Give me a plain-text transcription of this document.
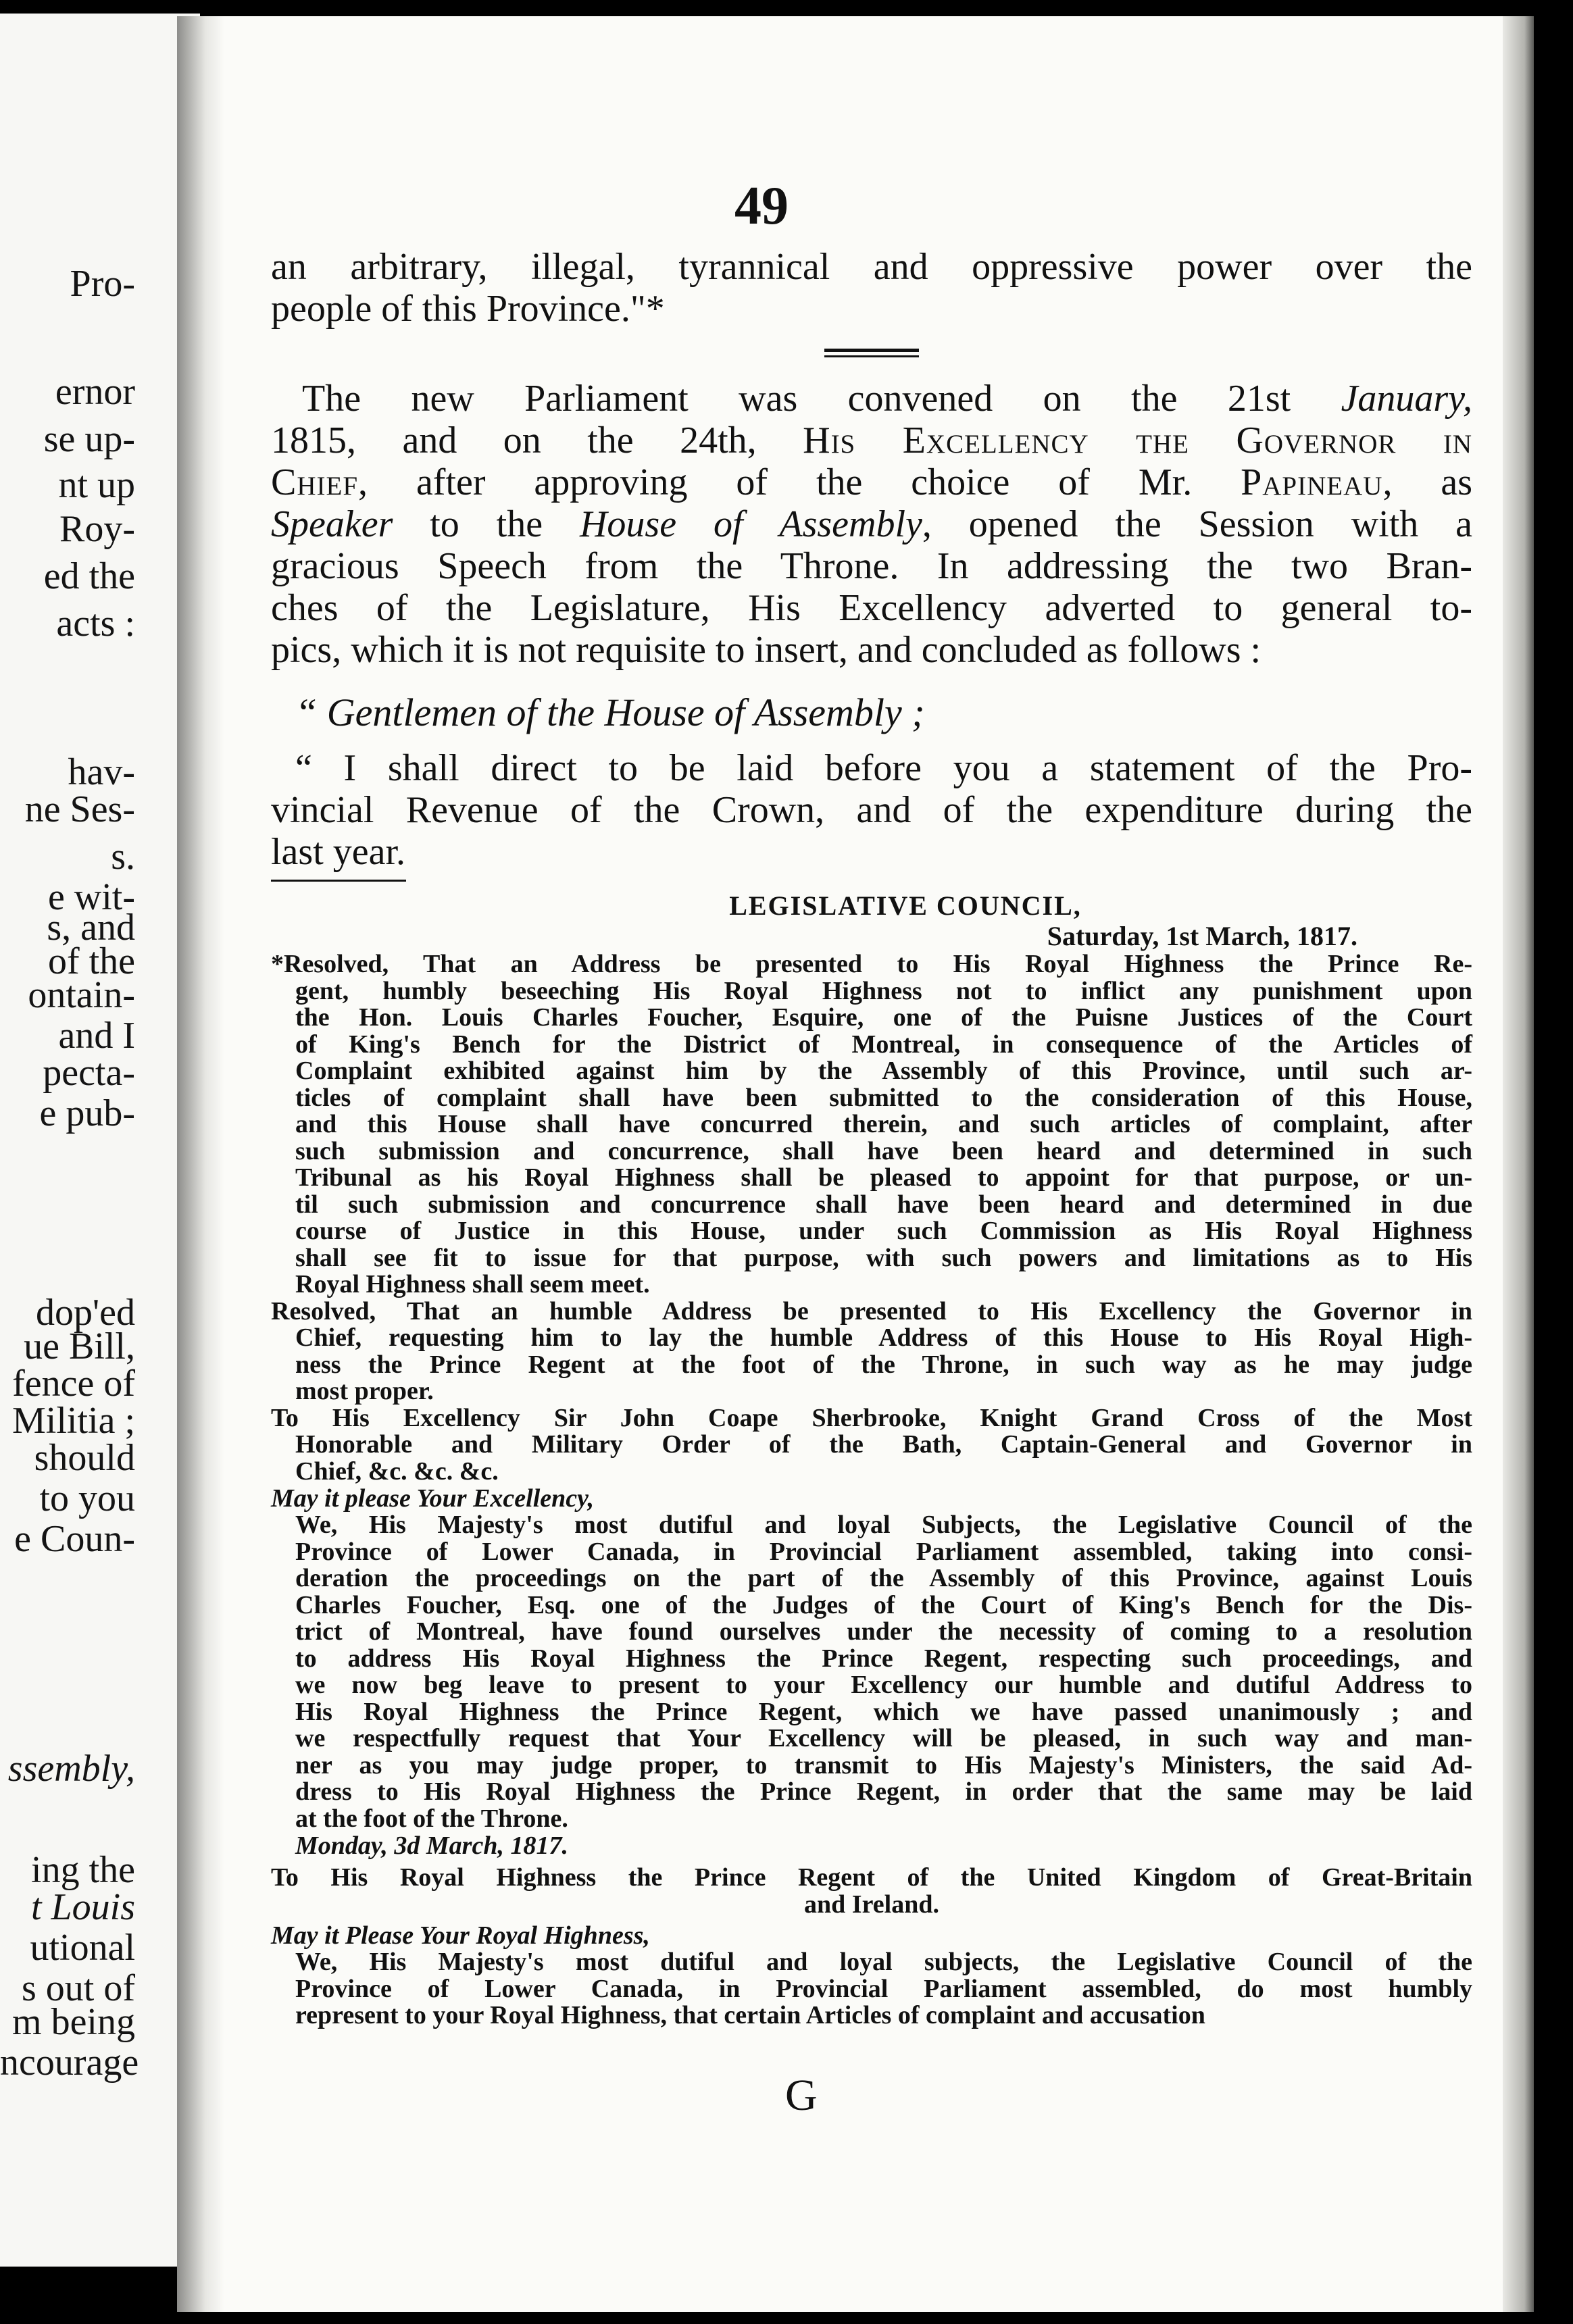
Pro-
ernor
se up-
nt up
Roy-
ed the
acts :
hav-
ne Ses-
s.
e wit-
s, and
of the
ontain-
and I
pecta-
e pub-
dop'ed
ue Bill,
fence of
Militia ;
should
to you
e Coun-
ssembly,
ing the
t Louis
utional
s out of
m being
ncourage
49

an arbitrary, illegal, tyrannical and oppressive power over the
people of this Province."*

The new Parliament was convened on the 21st January,
1815, and on the 24th, His Excellency the Governor in
Chief, after approving of the choice of Mr. Papineau, as
Speaker to the House of Assembly, opened the Session with a
gracious Speech from the Throne. In addressing the two Bran-
ches of the Legislature, His Excellency adverted to general to-
pics, which it is not requisite to insert, and concluded as follows :

“ Gentlemen of the House of Assembly ;

“ I shall direct to be laid before you a statement of the Pro-
vincial Revenue of the Crown, and of the expenditure during the
last year.

LEGISLATIVE COUNCIL,
Saturday, 1st March, 1817.
*Resolved, That an Address be presented to His Royal Highness the Prince Re-
gent, humbly beseeching His Royal Highness not to inflict any punishment upon
the Hon. Louis Charles Foucher, Esquire, one of the Puisne Justices of the Court
of King's Bench for the District of Montreal, in consequence of the Articles of
Complaint exhibited against him by the Assembly of this Province, until such ar-
ticles of complaint shall have been submitted to the consideration of this House,
and this House shall have concurred therein, and such articles of complaint, after
such submission and concurrence, shall have been heard and determined in such
Tribunal as his Royal Highness shall be pleased to appoint for that purpose, or un-
til such submission and concurrence shall have been heard and determined in due
course of Justice in this House, under such Commission as His Royal Highness
shall see fit to issue for that purpose, with such powers and limitations as to His
Royal Highness shall seem meet.
Resolved, That an humble Address be presented to His Excellency the Governor in
Chief, requesting him to lay the humble Address of this House to His Royal High-
ness the Prince Regent at the foot of the Throne, in such way as he may judge
most proper.
To His Excellency Sir John Coape Sherbrooke, Knight Grand Cross of the Most
Honorable and Military Order of the Bath, Captain-General and Governor in
Chief, &c. &c. &c.
May it please Your Excellency,
We, His Majesty's most dutiful and loyal Subjects, the Legislative Council of the
Province of Lower Canada, in Provincial Parliament assembled, taking into consi-
deration the proceedings on the part of the Assembly of this Province, against Louis
Charles Foucher, Esq. one of the Judges of the Court of King's Bench for the Dis-
trict of Montreal, have found ourselves under the necessity of coming to a resolution
to address His Royal Highness the Prince Regent, respecting such proceedings, and
we now beg leave to present to your Excellency our humble and dutiful Address to
His Royal Highness the Prince Regent, which we have passed unanimously ; and
we respectfully request that Your Excellency will be pleased, in such way and man-
ner as you may judge proper, to transmit to His Majesty's Ministers, the said Ad-
dress to His Royal Highness the Prince Regent, in order that the same may be laid
at the foot of the Throne.
Monday, 3d March, 1817.
To His Royal Highness the Prince Regent of the United Kingdom of Great-Britain
and Ireland.
May it Please Your Royal Highness,
We, His Majesty's most dutiful and loyal subjects, the Legislative Council of the
Province of Lower Canada, in Provincial Parliament assembled, do most humbly
represent to your Royal Highness, that certain Articles of complaint and accusation
G
